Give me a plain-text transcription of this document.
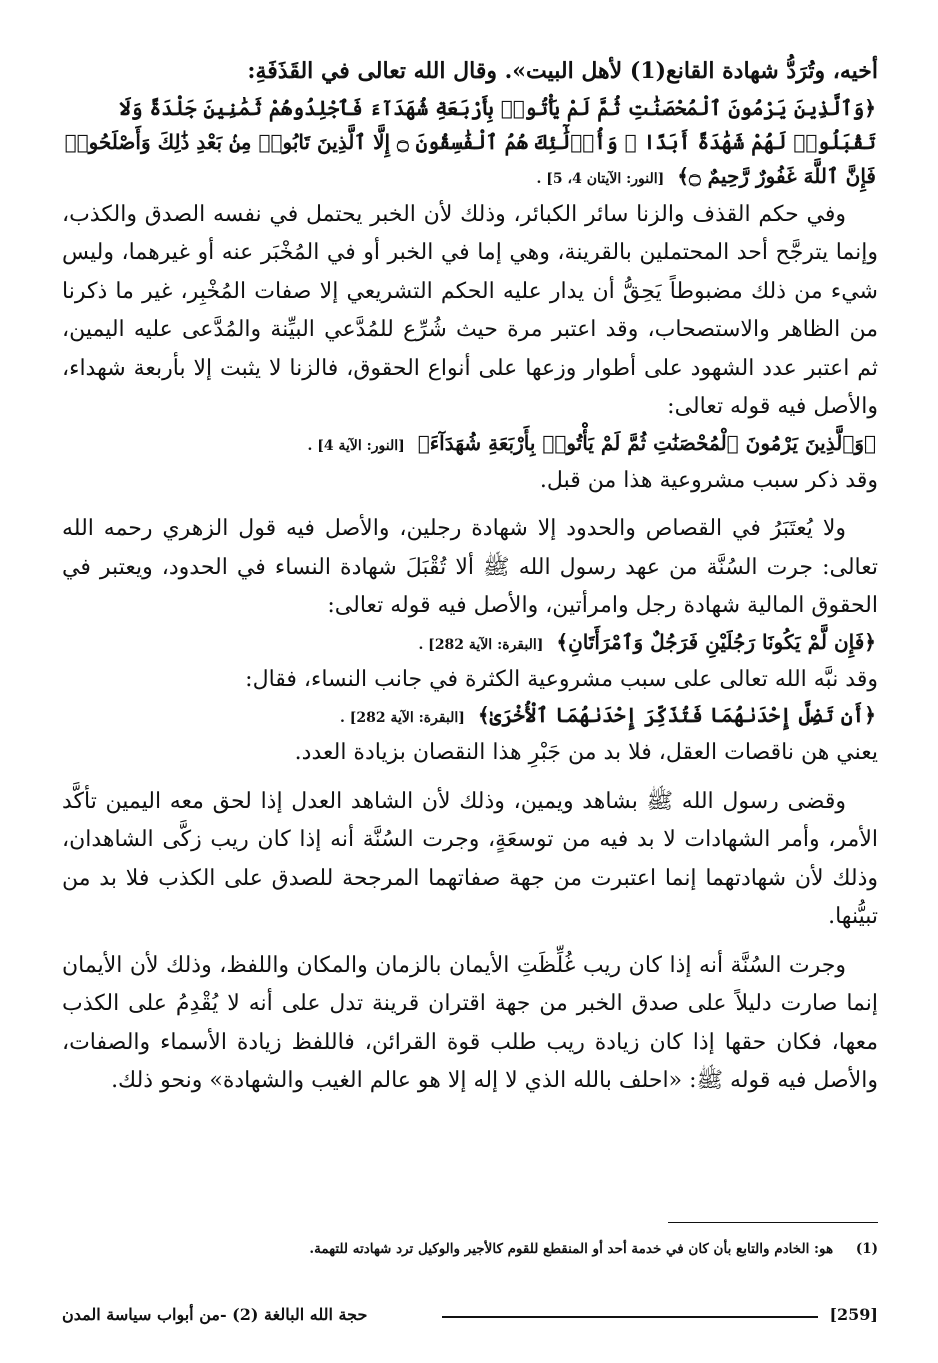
أخيه، وتُرَدُّ شهادة القانع(1) لأهل البيت». وقال الله تعالى في القَذَفَةِ:

﴿وَٱلَّذِينَ يَرْمُونَ ٱلْمُحْصَنَٰتِ ثُمَّ لَمْ يَأْتُوا۟ بِأَرْبَعَةِ شُهَدَآءَ فَٱجْلِدُوهُمْ ثَمَٰنِينَ جَلْدَةً وَلَا تَقْبَلُوا۟ لَهُمْ شَهَٰدَةً أَبَدًا ۚ وَأُو۟لَٰٓئِكَ هُمُ ٱلْفَٰسِقُونَ ۝ إِلَّا ٱلَّذِينَ تَابُوا۟ مِنۢ بَعْدِ ذَٰلِكَ وَأَصْلَحُوا۟ فَإِنَّ ٱللَّهَ غَفُورٌ رَّحِيمٌ ۝﴾ [النور: الآيتان 4، 5] .

وفي حكم القذف والزنا سائر الكبائر، وذلك لأن الخبر يحتمل في نفسه الصدق والكذب، وإنما يترجَّح أحد المحتملين بالقرينة، وهي إما في الخبر أو في المُخْبَر عنه أو غيرهما، وليس شيء من ذلك مضبوطاً يَحِقُّ أن يدار عليه الحكم التشريعي إلا صفات المُخْبِر، غير ما ذكرنا من الظاهر والاستصحاب، وقد اعتبر مرة حيث شُرِّع للمُدَّعي البيِّنة والمُدَّعى عليه اليمين، ثم اعتبر عدد الشهود على أطوار وزعها على أنواع الحقوق، فالزنا لا يثبت إلا بأربعة شهداء، والأصل فيه قوله تعالى:

﴿وَٱلَّذِينَ يَرْمُونَ ٱلْمُحْصَنَٰتِ ثُمَّ لَمْ يَأْتُوا۟ بِأَرْبَعَةِ شُهَدَآءَ﴾ [النور: الآية 4] .

وقد ذكر سبب مشروعية هذا من قبل.

ولا يُعتَبَرُ في القصاص والحدود إلا شهادة رجلين، والأصل فيه قول الزهري رحمه الله تعالى: جرت السُنَّة من عهد رسول الله ﷺ ألا تُقْبَلَ شهادة النساء في الحدود، ويعتبر في الحقوق المالية شهادة رجل وامرأتين، والأصل فيه قوله تعالى:

﴿فَإِن لَّمْ يَكُونَا رَجُلَيْنِ فَرَجُلٌ وَٱمْرَأَتَانِ﴾ [البقرة: الآية 282] .

وقد نبَّه الله تعالى على سبب مشروعية الكثرة في جانب النساء، فقال:

﴿أَن تَضِلَّ إِحْدَىٰهُمَا فَتُذَكِّرَ إِحْدَىٰهُمَا ٱلْأُخْرَىٰ﴾ [البقرة: الآية 282] .

يعني هن ناقصات العقل، فلا بد من جَبْرِ هذا النقصان بزيادة العدد.

وقضى رسول الله ﷺ بشاهد ويمين، وذلك لأن الشاهد العدل إذا لحق معه اليمين تأكَّد الأمر، وأمر الشهادات لا بد فيه من توسعَةٍ، وجرت السُنَّة أنه إذا كان ريب زكَّى الشاهدان، وذلك لأن شهادتهما إنما اعتبرت من جهة صفاتهما المرجحة للصدق على الكذب فلا بد من تبيُّنها.

وجرت السُنَّة أنه إذا كان ريب غُلِّظَتِ الأيمان بالزمان والمكان واللفظ، وذلك لأن الأيمان إنما صارت دليلاً على صدق الخبر من جهة اقتران قرينة تدل على أنه لا يُقْدِمُ على الكذب معها، فكان حقها إذا كان زيادة ريب طلب قوة القرائن، فاللفظ زيادة الأسماء والصفات، والأصل فيه قوله ﷺ: «احلف بالله الذي لا إله إلا هو عالم الغيب والشهادة» ونحو ذلك.

(1) هو: الخادم والتابع بأن كان في خدمة أحد أو المنقطع للقوم كالأجير والوكيل ترد شهادته للتهمة.
[259]
حجة الله البالغة (2) -من أبواب سياسة المدن
